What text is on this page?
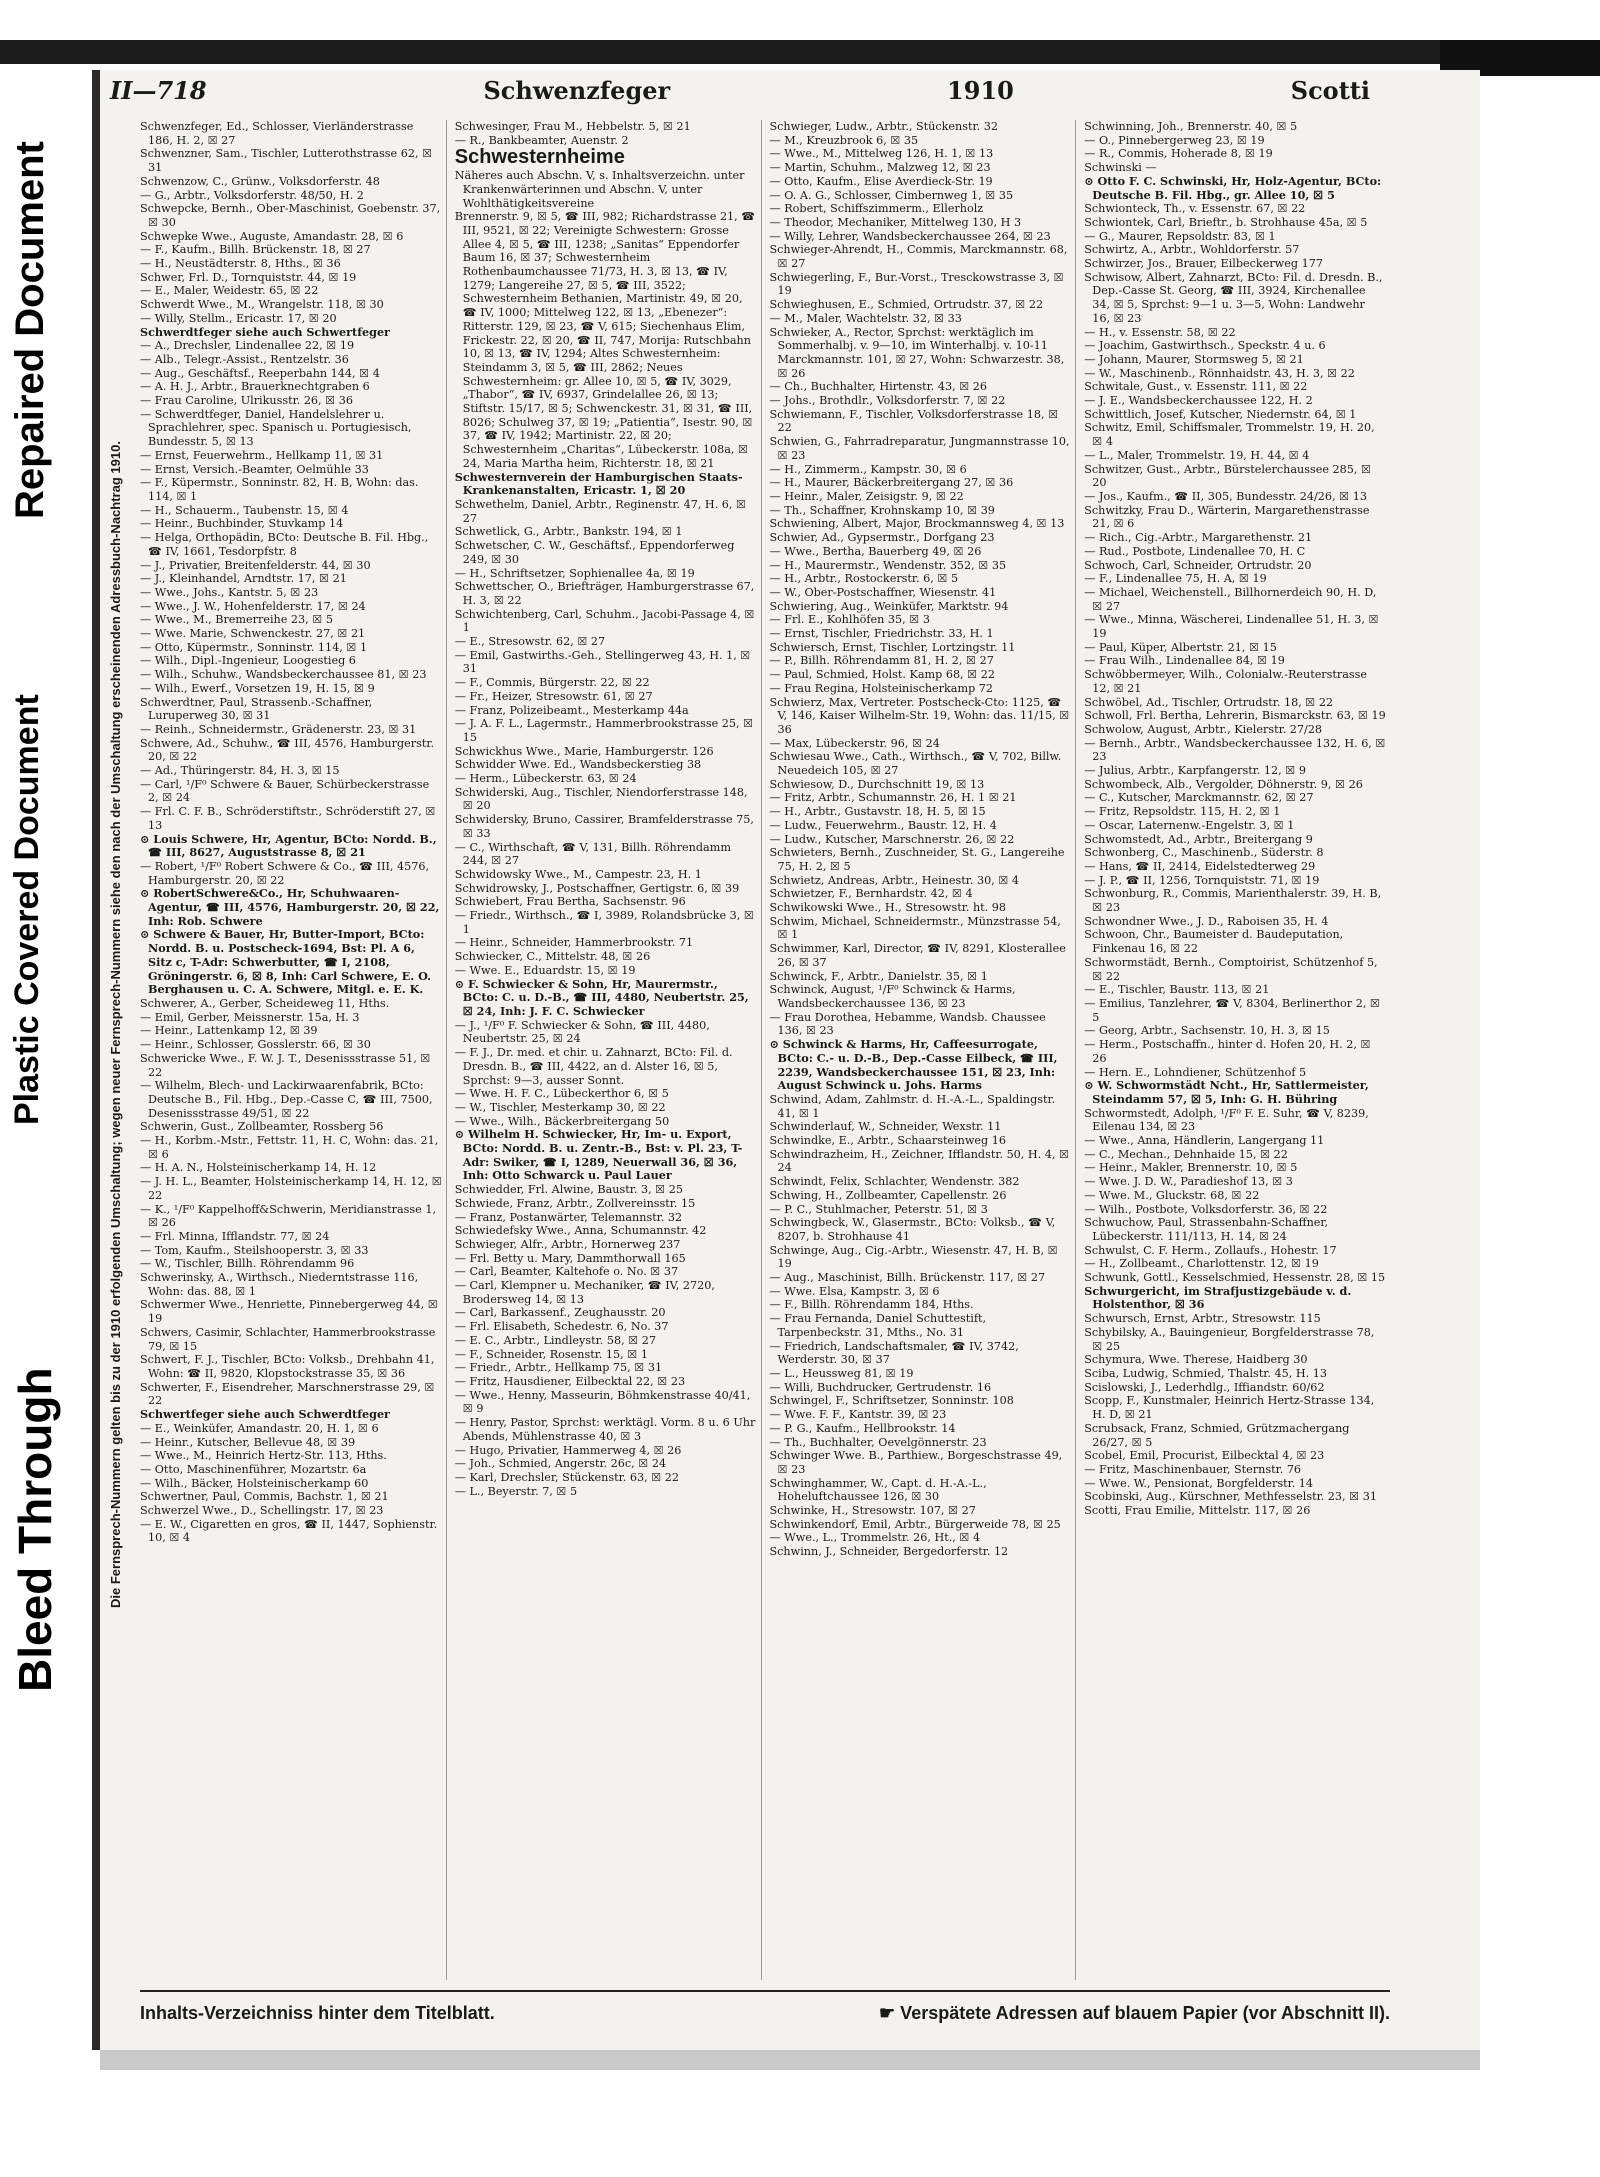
Repaired Document
Plastic Covered Document
Bleed Through
II—718	Schwenzfeger	1910	Scotti
Die Fernsprech-Nummern gelten bis zu der 1910 erfolgenden Umschaltung; wegen neuer Fernsprech-Nummern siehe den nach der Umschaltung erscheinenden Adressbuch-Nachtrag 1910.

Schwenzfeger, Ed., Schlosser, Vierländerstrasse 186, H. 2, ☒ 27

Schwenzner, Sam., Tischler, Lutterothstrasse 62, ☒ 31

Schwenzow, C., Grünw., Volksdorferstr. 48

— G., Arbtr., Volksdorferstr. 48/50, H. 2

Schwepcke, Bernh., Ober-Maschinist, Goebenstr. 37, ☒ 30

Schwepke Wwe., Auguste, Amandastr. 28, ☒ 6

— F., Kaufm., Billh. Brückenstr. 18, ☒ 27

— H., Neustädterstr. 8, Hths., ☒ 36

Schwer, Frl. D., Tornquiststr. 44, ☒ 19

— E., Maler, Weidestr. 65, ☒ 22

Schwerdt Wwe., M., Wrangelstr. 118, ☒ 30

— Willy, Stellm., Ericastr. 17, ☒ 20

Schwerdtfeger siehe auch Schwertfeger

— A., Drechsler, Lindenallee 22, ☒ 19

— Alb., Telegr.-Assist., Rentzelstr. 36

— Aug., Geschäftsf., Reeperbahn 144, ☒ 4

— A. H. J., Arbtr., Brauerknechtgraben 6

— Frau Caroline, Ulrikusstr. 26, ☒ 36

— Schwerdtfeger, Daniel, Handelslehrer u. Sprachlehrer, spec. Spanisch u. Portugiesisch, Bundesstr. 5, ☒ 13

— Ernst, Feuerwehrm., Hellkamp 11, ☒ 31

— Ernst, Versich.-Beamter, Oelmühle 33

— F., Küpermstr., Sonninstr. 82, H. B, Wohn: das. 114, ☒ 1

— H., Schauerm., Taubenstr. 15, ☒ 4

— Heinr., Buchbinder, Stuvkamp 14

— Helga, Orthopädin, BCto: Deutsche B. Fil. Hbg., ☎ IV, 1661, Tesdorpfstr. 8

— J., Privatier, Breitenfelderstr. 44, ☒ 30

— J., Kleinhandel, Arndtstr. 17, ☒ 21

— Wwe., Johs., Kantstr. 5, ☒ 23

— Wwe., J. W., Hohenfelderstr. 17, ☒ 24

— Wwe., M., Bremerreihe 23, ☒ 5

— Wwe. Marie, Schwenckestr. 27, ☒ 21

— Otto, Küpermstr., Sonninstr. 114, ☒ 1

— Wilh., Dipl.-Ingenieur, Loogestieg 6

— Wilh., Schuhw., Wandsbeckerchaussee 81, ☒ 23

— Wilh., Ewerf., Vorsetzen 19, H. 15, ☒ 9

Schwerdtner, Paul, Strassenb.-Schaffner, Luruperweg 30, ☒ 31

— Reinh., Schneidermstr., Grädenerstr. 23, ☒ 31

Schwere, Ad., Schuhw., ☎ III, 4576, Hamburgerstr. 20, ☒ 22

— Ad., Thüringerstr. 84, H. 3, ☒ 15

— Carl, ¹/F⁰ Schwere & Bauer, Schürbeckerstrasse 2, ☒ 24

— Frl. C. F. B., Schröderstiftstr., Schröderstift 27, ☒ 13

⊙ Louis Schwere, Hr, Agentur, BCto: Nordd. B., ☎ III, 8627, Auguststrasse 8, ☒ 21

— Robert, ¹/F⁰ Robert Schwere & Co., ☎ III, 4576, Hamburgerstr. 20, ☒ 22

⊙ RobertSchwere&Co., Hr, Schuhwaaren-Agentur, ☎ III, 4576, Hamburgerstr. 20, ☒ 22, Inh: Rob. Schwere

⊙ Schwere & Bauer, Hr, Butter-Import, BCto: Nordd. B. u. Postscheck-1694, Bst: Pl. A 6, Sitz c, T-Adr: Schwerbutter, ☎ I, 2108, Gröningerstr. 6, ☒ 8, Inh: Carl Schwere, E. O. Berghausen u. C. A. Schwere, Mitgl. e. E. K.

Schwerer, A., Gerber, Scheideweg 11, Hths.

— Emil, Gerber, Meissnerstr. 15a, H. 3

— Heinr., Lattenkamp 12, ☒ 39

— Heinr., Schlosser, Gosslerstr. 66, ☒ 30

Schwericke Wwe., F. W. J. T., Desenissstrasse 51, ☒ 22

— Wilhelm, Blech- und Lackirwaarenfabrik, BCto: Deutsche B., Fil. Hbg., Dep.-Casse C, ☎ III, 7500, Desenissstrasse 49/51, ☒ 22

Schwerin, Gust., Zollbeamter, Rossberg 56

— H., Korbm.-Mstr., Fettstr. 11, H. C, Wohn: das. 21, ☒ 6

— H. A. N., Holsteinischerkamp 14, H. 12

— J. H. L., Beamter, Holsteinischerkamp 14, H. 12, ☒ 22

— K., ¹/F⁰ Kappelhoff&Schwerin, Meridianstrasse 1, ☒ 26

— Frl. Minna, Ifflandstr. 77, ☒ 24

— Tom, Kaufm., Steilshooperstr. 3, ☒ 33

— W., Tischler, Billh. Röhrendamm 96

Schwerinsky, A., Wirthsch., Niederntstrasse 116, Wohn: das. 88, ☒ 1

Schwermer Wwe., Henriette, Pinnebergerweg 44, ☒ 19

Schwers, Casimir, Schlachter, Hammerbrookstrasse 79, ☒ 15

Schwert, F. J., Tischler, BCto: Volksb., Drehbahn 41, Wohn: ☎ II, 9820, Klopstockstrasse 35, ☒ 36

Schwerter, F., Eisendreher, Marschnerstrasse 29, ☒ 22

Schwertfeger siehe auch Schwerdtfeger

— E., Weinküfer, Amandastr. 20, H. 1, ☒ 6

— Heinr., Kutscher, Bellevue 48, ☒ 39

— Wwe., M., Heinrich Hertz-Str. 113, Hths.

— Otto, Maschinenführer, Mozartstr. 6a

— Wilh., Bäcker, Holsteinischerkamp 60

Schwertner, Paul, Commis, Bachstr. 1, ☒ 21

Schwerzel Wwe., D., Schellingstr. 17, ☒ 23

— E. W., Cigaretten en gros, ☎ II, 1447, Sophienstr. 10, ☒ 4

Schwesinger, Frau M., Hebbelstr. 5, ☒ 21

— R., Bankbeamter, Auenstr. 2

Schwesternheime

Näheres auch Abschn. V, s. Inhaltsverzeichn. unter Krankenwärterinnen und Abschn. V, unter Wohlthätigkeitsvereine

Brennerstr. 9, ☒ 5, ☎ III, 982; Richardstrasse 21, ☎ III, 9521, ☒ 22; Vereinigte Schwestern: Grosse Allee 4, ☒ 5, ☎ III, 1238; „Sanitas“ Eppendorfer Baum 16, ☒ 37; Schwesternheim Rothenbaumchaussee 71/73, H. 3, ☒ 13, ☎ IV, 1279; Langereihe 27, ☒ 5, ☎ III, 3522; Schwesternheim Bethanien, Martinistr. 49, ☒ 20, ☎ IV, 1000; Mittelweg 122, ☒ 13, „Ebenezer“: Ritterstr. 129, ☒ 23, ☎ V, 615; Siechenhaus Elim, Frickestr. 22, ☒ 20, ☎ II, 747, Morija: Rutschbahn 10, ☒ 13, ☎ IV, 1294; Altes Schwesternheim: Steindamm 3, ☒ 5, ☎ III, 2862; Neues Schwesternheim: gr. Allee 10, ☒ 5, ☎ IV, 3029, „Thabor“, ☎ IV, 6937, Grindelallee 26, ☒ 13; Stiftstr. 15/17, ☒ 5; Schwenckestr. 31, ☒ 31, ☎ III, 8026; Schulweg 37, ☒ 19; „Patientia“, Isestr. 90, ☒ 37, ☎ IV, 1942; Martinistr. 22, ☒ 20; Schwesternheim „Charitas“, Lübeckerstr. 108a, ☒ 24, Maria Martha heim, Richterstr. 18, ☒ 21

Schwesternverein der Hamburgischen Staats-Krankenanstalten, Ericastr. 1, ☒ 20

Schwethelm, Daniel, Arbtr., Reginenstr. 47, H. 6, ☒ 27

Schwetlick, G., Arbtr., Bankstr. 194, ☒ 1

Schwetscher, C. W., Geschäftsf., Eppendorferweg 249, ☒ 30

— H., Schriftsetzer, Sophienallee 4a, ☒ 19

Schwettscher, O., Briefträger, Hamburgerstrasse 67, H. 3, ☒ 22

Schwichtenberg, Carl, Schuhm., Jacobi-Passage 4, ☒ 1

— E., Stresowstr. 62, ☒ 27

— Emil, Gastwirths.-Geh., Stellingerweg 43, H. 1, ☒ 31

— F., Commis, Bürgerstr. 22, ☒ 22

— Fr., Heizer, Stresowstr. 61, ☒ 27

— Franz, Polizeibeamt., Mesterkamp 44a

— J. A. F. L., Lagermstr., Hammerbrookstrasse 25, ☒ 15

Schwickhus Wwe., Marie, Hamburgerstr. 126

Schwidder Wwe. Ed., Wandsbeckerstieg 38

— Herm., Lübeckerstr. 63, ☒ 24

Schwiderski, Aug., Tischler, Niendorferstrasse 148, ☒ 20

Schwidersky, Bruno, Cassirer, Bramfelderstrasse 75, ☒ 33

— C., Wirthschaft, ☎ V, 131, Billh. Röhrendamm 244, ☒ 27

Schwidowsky Wwe., M., Campestr. 23, H. 1

Schwidrowsky, J., Postschaffner, Gertigstr. 6, ☒ 39

Schwiebert, Frau Bertha, Sachsenstr. 96

— Friedr., Wirthsch., ☎ I, 3989, Rolandsbrücke 3, ☒ 1

— Heinr., Schneider, Hammerbrookstr. 71

Schwiecker, C., Mittelstr. 48, ☒ 26

— Wwe. E., Eduardstr. 15, ☒ 19

⊙ F. Schwiecker & Sohn, Hr, Maurermstr., BCto: C. u. D.-B., ☎ III, 4480, Neubertstr. 25, ☒ 24, Inh: J. F. C. Schwiecker

— J., ¹/F⁰ F. Schwiecker & Sohn, ☎ III, 4480, Neubertstr. 25, ☒ 24

— F. J., Dr. med. et chir. u. Zahnarzt, BCto: Fil. d. Dresdn. B., ☎ III, 4422, an d. Alster 16, ☒ 5, Sprchst: 9—3, ausser Sonnt.

— Wwe. H. F. C., Lübeckerthor 6, ☒ 5

— W., Tischler, Mesterkamp 30, ☒ 22

— Wwe., Wilh., Bäckerbreitergang 50

⊙ Wilhelm H. Schwiecker, Hr, Im- u. Export, BCto: Nordd. B. u. Zentr.-B., Bst: v. Pl. 23, T-Adr: Swiker, ☎ I, 1289, Neuerwall 36, ☒ 36, Inh: Otto Schwarck u. Paul Lauer

Schwiedder, Frl. Alwine, Baustr. 3, ☒ 25

Schwiede, Franz, Arbtr., Zollvereinsstr. 15

— Franz, Postanwärter, Telemannstr. 32

Schwiedefsky Wwe., Anna, Schumannstr. 42

Schwieger, Alfr., Arbtr., Hornerweg 237

— Frl. Betty u. Mary, Dammthorwall 165

— Carl, Beamter, Kaltehofe o. No. ☒ 37

— Carl, Klempner u. Mechaniker, ☎ IV, 2720, Brodersweg 14, ☒ 13

— Carl, Barkassenf., Zeughausstr. 20

— Frl. Elisabeth, Schedestr. 6, No. 37

— E. C., Arbtr., Lindleystr. 58, ☒ 27

— F., Schneider, Rosenstr. 15, ☒ 1

— Friedr., Arbtr., Hellkamp 75, ☒ 31

— Fritz, Hausdiener, Eilbecktal 22, ☒ 23

— Wwe., Henny, Masseurin, Böhmkenstrasse 40/41, ☒ 9

— Henry, Pastor, Sprchst: werktägl. Vorm. 8 u. 6 Uhr Abends, Mühlenstrasse 40, ☒ 3

— Hugo, Privatier, Hammerweg 4, ☒ 26

— Joh., Schmied, Angerstr. 26c, ☒ 24

— Karl, Drechsler, Stückenstr. 63, ☒ 22

— L., Beyerstr. 7, ☒ 5

Schwieger, Ludw., Arbtr., Stückenstr. 32

— M., Kreuzbrook 6, ☒ 35

— Wwe., M., Mittelweg 126, H. 1, ☒ 13

— Martin, Schuhm., Malzweg 12, ☒ 23

— Otto, Kaufm., Elise Averdieck-Str. 19

— O. A. G., Schlosser, Cimbernweg 1, ☒ 35

— Robert, Schiffszimmerm., Ellerholz

— Theodor, Mechaniker, Mittelweg 130, H 3

— Willy, Lehrer, Wandsbeckerchaussee 264, ☒ 23

Schwieger-Ahrendt, H., Commis, Marckmannstr. 68, ☒ 27

Schwiegerling, F., Bur.-Vorst., Tresckowstrasse 3, ☒ 19

Schwieghusen, E., Schmied, Ortrudstr. 37, ☒ 22

— M., Maler, Wachtelstr. 32, ☒ 33

Schwieker, A., Rector, Sprchst: werktäglich im Sommerhalbj. v. 9—10, im Winterhalbj. v. 10-11 Marckmannstr. 101, ☒ 27, Wohn: Schwarzestr. 38, ☒ 26

— Ch., Buchhalter, Hirtenstr. 43, ☒ 26

— Johs., Brothdlr., Volksdorferstr. 7, ☒ 22

Schwiemann, F., Tischler, Volksdorferstrasse 18, ☒ 22

Schwien, G., Fahrradreparatur, Jungmannstrasse 10, ☒ 23

— H., Zimmerm., Kampstr. 30, ☒ 6

— H., Maurer, Bäckerbreitergang 27, ☒ 36

— Heinr., Maler, Zeisigstr. 9, ☒ 22

— Th., Schaffner, Krohnskamp 10, ☒ 39

Schwiening, Albert, Major, Brockmannsweg 4, ☒ 13

Schwier, Ad., Gypsermstr., Dorfgang 23

— Wwe., Bertha, Bauerberg 49, ☒ 26

— H., Maurermstr., Wendenstr. 352, ☒ 35

— H., Arbtr., Rostockerstr. 6, ☒ 5

— W., Ober-Postschaffner, Wiesenstr. 41

Schwiering, Aug., Weinküfer, Marktstr. 94

— Frl. E., Kohlhöfen 35, ☒ 3

— Ernst, Tischler, Friedrichstr. 33, H. 1

Schwiersch, Ernst, Tischler, Lortzingstr. 11

— P., Billh. Röhrendamm 81, H. 2, ☒ 27

— Paul, Schmied, Holst. Kamp 68, ☒ 22

— Frau Regina, Holsteinischerkamp 72

Schwierz, Max, Vertreter. Postscheck-Cto: 1125, ☎ V, 146, Kaiser Wilhelm-Str. 19, Wohn: das. 11/15, ☒ 36

— Max, Lübeckerstr. 96, ☒ 24

Schwiesau Wwe., Cath., Wirthsch., ☎ V, 702, Billw. Neuedeich 105, ☒ 27

Schwiesow, D., Durchschnitt 19, ☒ 13

— Fritz, Arbtr., Schumannstr. 26, H. 1 ☒ 21

— H., Arbtr., Gustavstr. 18, H. 5, ☒ 15

— Ludw., Feuerwehrm., Baustr. 12, H. 4

— Ludw., Kutscher, Marschnerstr. 26, ☒ 22

Schwieters, Bernh., Zuschneider, St. G., Langereihe 75, H. 2, ☒ 5

Schwietz, Andreas, Arbtr., Heinestr. 30, ☒ 4

Schwietzer, F., Bernhardstr. 42, ☒ 4

Schwikowski Wwe., H., Stresowstr. ht. 98

Schwim, Michael, Schneidermstr., Münzstrasse 54, ☒ 1

Schwimmer, Karl, Director, ☎ IV, 8291, Klosterallee 26, ☒ 37

Schwinck, F., Arbtr., Danielstr. 35, ☒ 1

Schwinck, August, ¹/F⁰ Schwinck & Harms, Wandsbeckerchaussee 136, ☒ 23

— Frau Dorothea, Hebamme, Wandsb. Chaussee 136, ☒ 23

⊙ Schwinck & Harms, Hr, Caffeesurrogate, BCto: C.- u. D.-B., Dep.-Casse Eilbeck, ☎ III, 2239, Wandsbeckerchaussee 151, ☒ 23, Inh: August Schwinck u. Johs. Harms

Schwind, Adam, Zahlmstr. d. H.-A.-L., Spaldingstr. 41, ☒ 1

Schwinderlauf, W., Schneider, Wexstr. 11

Schwindke, E., Arbtr., Schaarsteinweg 16

Schwindrazheim, H., Zeichner, Ifflandstr. 50, H. 4, ☒ 24

Schwindt, Felix, Schlachter, Wendenstr. 382

Schwing, H., Zollbeamter, Capellenstr. 26

— P. C., Stuhlmacher, Peterstr. 51, ☒ 3

Schwingbeck, W., Glasermstr., BCto: Volksb., ☎ V, 8207, b. Strohhause 41

Schwinge, Aug., Cig.-Arbtr., Wiesenstr. 47, H. B, ☒ 19

— Aug., Maschinist, Billh. Brückenstr. 117, ☒ 27

— Wwe. Elsa, Kampstr. 3, ☒ 6

— F., Billh. Röhrendamm 184, Hths.

— Frau Fernanda, Daniel Schuttestift, Tarpenbeckstr. 31, Mths., No. 31

— Friedrich, Landschaftsmaler, ☎ IV, 3742, Werderstr. 30, ☒ 37

— L., Heussweg 81, ☒ 19

— Willi, Buchdrucker, Gertrudenstr. 16

Schwingel, F., Schriftsetzer, Sonninstr. 108

— Wwe. F. F., Kantstr. 39, ☒ 23

— P. G., Kaufm., Hellbrookstr. 14

— Th., Buchhalter, Oevelgönnerstr. 23

Schwinger Wwe. B., Parthiew., Borgeschstrasse 49, ☒ 23

Schwinghammer, W., Capt. d. H.-A.-L., Hoheluftchaussee 126, ☒ 30

Schwinke, H., Stresowstr. 107, ☒ 27

Schwinkendorf, Emil, Arbtr., Bürgerweide 78, ☒ 25

— Wwe., L., Trommelstr. 26, Ht., ☒ 4

Schwinn, J., Schneider, Bergedorferstr. 12

Schwinning, Joh., Brennerstr. 40, ☒ 5

— O., Pinnebergerweg 23, ☒ 19

— R., Commis, Hoherade 8, ☒ 19

Schwinski —

⊙ Otto F. C. Schwinski, Hr, Holz-Agentur, BCto: Deutsche B. Fil. Hbg., gr. Allee 10, ☒ 5

Schwionteck, Th., v. Essenstr. 67, ☒ 22

Schwiontek, Carl, Brieftr., b. Strohhause 45a, ☒ 5

— G., Maurer, Repsoldstr. 83, ☒ 1

Schwirtz, A., Arbtr., Wohldorferstr. 57

Schwirzer, Jos., Brauer, Eilbeckerweg 177

Schwisow, Albert, Zahnarzt, BCto: Fil. d. Dresdn. B., Dep.-Casse St. Georg, ☎ III, 3924, Kirchenallee 34, ☒ 5, Sprchst: 9—1 u. 3—5, Wohn: Landwehr 16, ☒ 23

— H., v. Essenstr. 58, ☒ 22

— Joachim, Gastwirthsch., Speckstr. 4 u. 6

— Johann, Maurer, Stormsweg 5, ☒ 21

— W., Maschinenb., Rönnhaidstr. 43, H. 3, ☒ 22

Schwitale, Gust., v. Essenstr. 111, ☒ 22

— J. E., Wandsbeckerchaussee 122, H. 2

Schwittlich, Josef, Kutscher, Niedernstr. 64, ☒ 1

Schwitz, Emil, Schiffsmaler, Trommelstr. 19, H. 20, ☒ 4

— L., Maler, Trommelstr. 19, H. 44, ☒ 4

Schwitzer, Gust., Arbtr., Bürstelerchaussee 285, ☒ 20

— Jos., Kaufm., ☎ II, 305, Bundesstr. 24/26, ☒ 13

Schwitzky, Frau D., Wärterin, Margarethenstrasse 21, ☒ 6

— Rich., Cig.-Arbtr., Margarethenstr. 21

— Rud., Postbote, Lindenallee 70, H. C

Schwoch, Carl, Schneider, Ortrudstr. 20

— F., Lindenallee 75, H. A, ☒ 19

— Michael, Weichenstell., Billhornerdeich 90, H. D, ☒ 27

— Wwe., Minna, Wäscherei, Lindenallee 51, H. 3, ☒ 19

— Paul, Küper, Albertstr. 21, ☒ 15

— Frau Wilh., Lindenallee 84, ☒ 19

Schwöbbermeyer, Wilh., Colonialw.-Reuterstrasse 12, ☒ 21

Schwöbel, Ad., Tischler, Ortrudstr. 18, ☒ 22

Schwoll, Frl. Bertha, Lehrerin, Bismarckstr. 63, ☒ 19

Schwolow, August, Arbtr., Kielerstr. 27/28

— Bernh., Arbtr., Wandsbeckerchaussee 132, H. 6, ☒ 23

— Julius, Arbtr., Karpfangerstr. 12, ☒ 9

Schwombeck, Alb., Vergolder, Döhnerstr. 9, ☒ 26

— C., Kutscher, Marckmannstr. 62, ☒ 27

— Fritz, Repsoldstr. 115, H. 2, ☒ 1

— Oscar, Laternenw.-Engelstr. 3, ☒ 1

Schwomstedt, Ad., Arbtr., Breitergang 9

Schwonberg, C., Maschinenb., Süderstr. 8

— Hans, ☎ II, 2414, Eidelstedterweg 29

— J. P., ☎ II, 1256, Tornquiststr. 71, ☒ 19

Schwonburg, R., Commis, Marienthalerstr. 39, H. B, ☒ 23

Schwondner Wwe., J. D., Raboisen 35, H. 4

Schwoon, Chr., Baumeister d. Baudeputation, Finkenau 16, ☒ 22

Schwormstädt, Bernh., Comptoirist, Schützenhof 5, ☒ 22

— E., Tischler, Baustr. 113, ☒ 21

— Emilius, Tanzlehrer, ☎ V, 8304, Berlinerthor 2, ☒ 5

— Georg, Arbtr., Sachsenstr. 10, H. 3, ☒ 15

— Herm., Postschaffn., hinter d. Hofen 20, H. 2, ☒ 26

— Hern. E., Lohndiener, Schützenhof 5

⊙ W. Schwormstädt Ncht., Hr, Sattlermeister, Steindamm 57, ☒ 5, Inh: G. H. Bühring

Schwormstedt, Adolph, ¹/F⁰ F. E. Suhr, ☎ V, 8239, Eilenau 134, ☒ 23

— Wwe., Anna, Händlerin, Langergang 11

— C., Mechan., Dehnhaide 15, ☒ 22

— Heinr., Makler, Brennerstr. 10, ☒ 5

— Wwe. J. D. W., Paradieshof 13, ☒ 3

— Wwe. M., Gluckstr. 68, ☒ 22

— Wilh., Postbote, Volksdorferstr. 36, ☒ 22

Schwuchow, Paul, Strassenbahn-Schaffner, Lübeckerstr. 111/113, H. 14, ☒ 24

Schwulst, C. F. Herm., Zollaufs., Hohestr. 17

— H., Zollbeamt., Charlottenstr. 12, ☒ 19

Schwunk, Gottl., Kesselschmied, Hessenstr. 28, ☒ 15

Schwurgericht, im Strafjustizgebäude v. d. Holstenthor, ☒ 36

Schwursch, Ernst, Arbtr., Stresowstr. 115

Schybilsky, A., Bauingenieur, Borgfelderstrasse 78, ☒ 25

Schymura, Wwe. Therese, Haidberg 30

Sciba, Ludwig, Schmied, Thalstr. 45, H. 13

Scislowski, J., Lederhdlg., Iffiandstr. 60/62

Scopp, F., Kunstmaler, Heinrich Hertz-Strasse 134, H. D, ☒ 21

Scrubsack, Franz, Schmied, Grützmachergang 26/27, ☒ 5

Scobel, Emil, Procurist, Eilbecktal 4, ☒ 23

— Fritz, Maschinenbauer, Sternstr. 76

— Wwe. W., Pensionat, Borgfelderstr. 14

Scobinski, Aug., Kürschner, Methfesselstr. 23, ☒ 31

Scotti, Frau Emilie, Mittelstr. 117, ☒ 26

Inhalts-Verzeichniss hinter dem Titelblatt.	☛ Verspätete Adressen auf blauem Papier (vor Abschnitt II).
